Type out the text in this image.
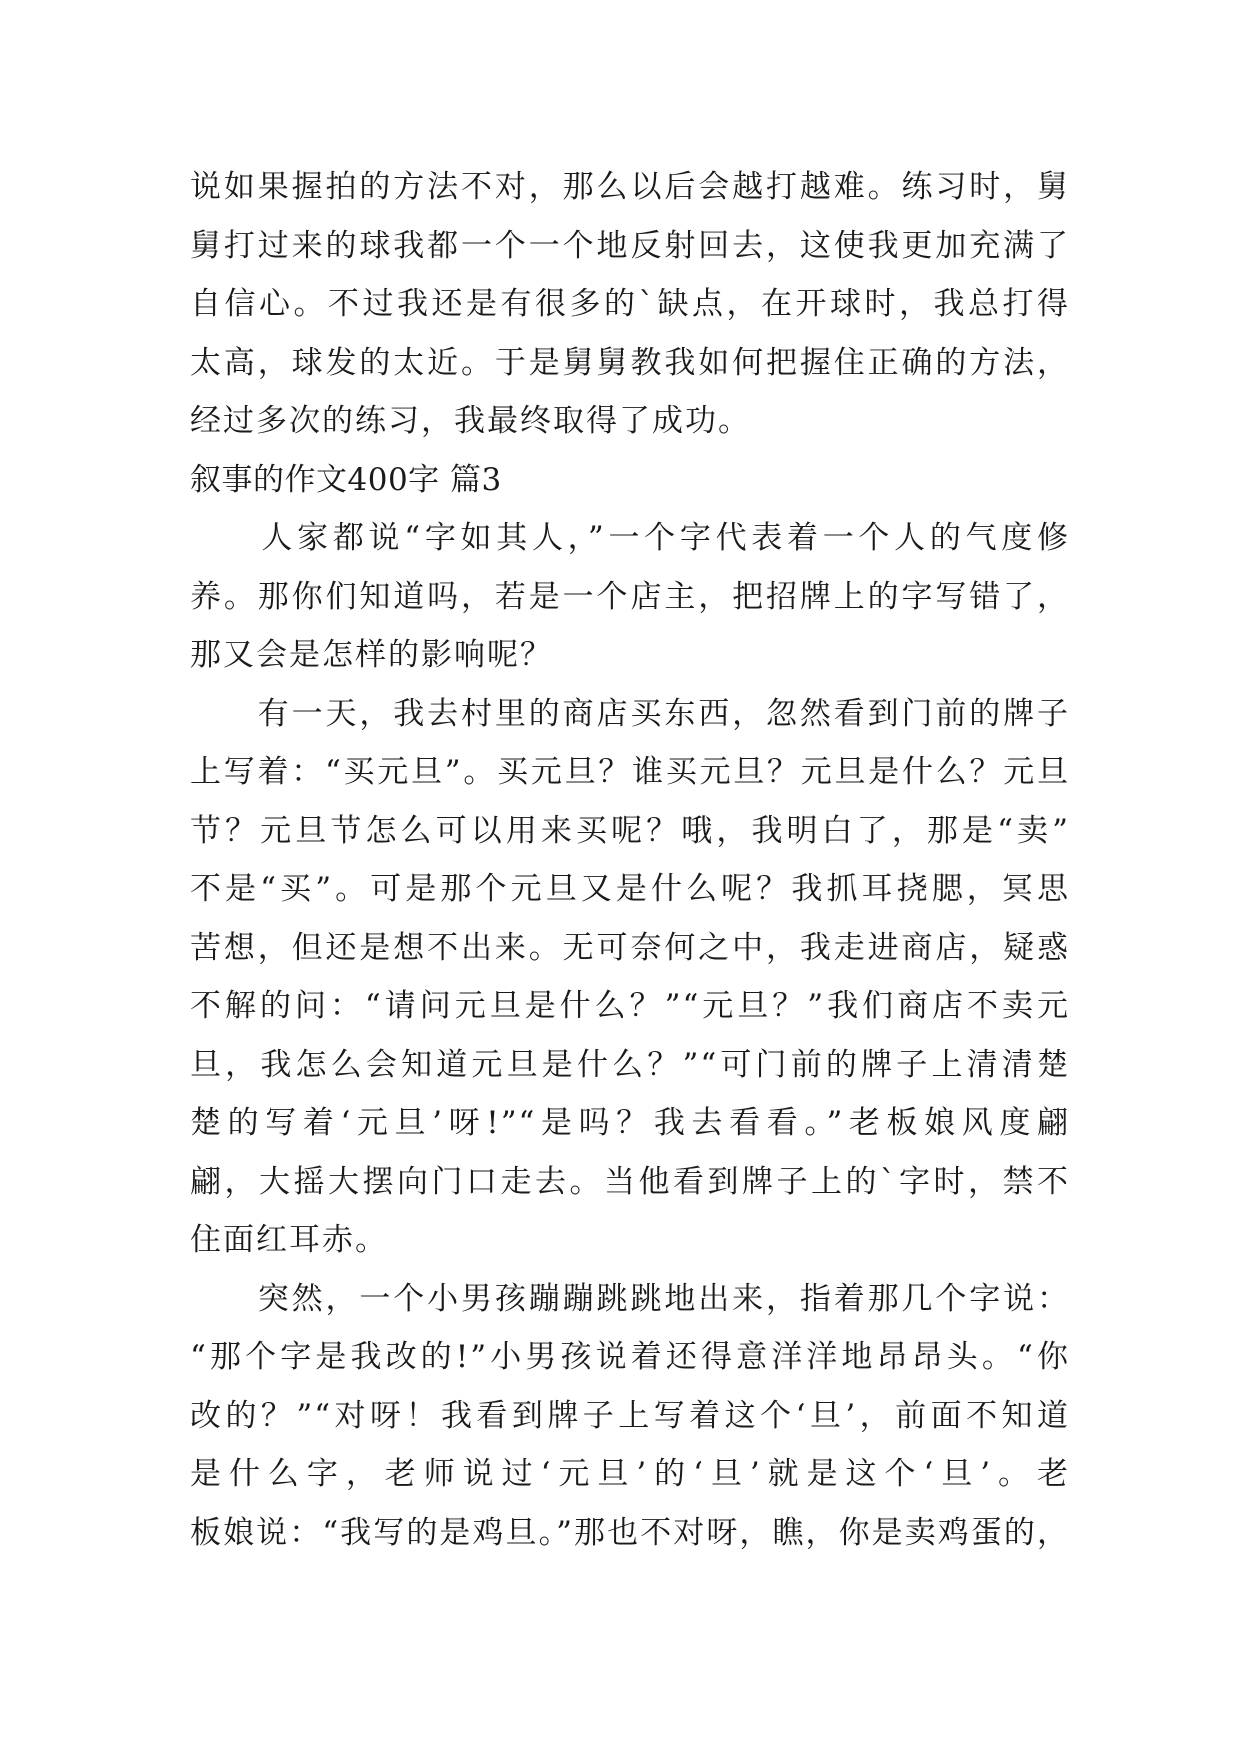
说如果握拍的方法不对，那么以后会越打越难。练习时，舅
舅打过来的球我都一个一个地反射回去，这使我更加充满了
自信心。不过我还是有很多的`缺点，在开球时，我总打得
太高，球发的太近。于是舅舅教我如何把握住正确的方法，
经过多次的练习，我最终取得了成功。
叙事的作文400字 篇3
　　人家都说“字如其人，”一个字代表着一个人的气度修
养。那你们知道吗，若是一个店主，把招牌上的字写错了，
那又会是怎样的影响呢？
　　有一天，我去村里的商店买东西，忽然看到门前的牌子
上写着：“买元旦”。买元旦？谁买元旦？元旦是什么？元旦
节？元旦节怎么可以用来买呢？哦，我明白了，那是“卖”
不是“买”。可是那个元旦又是什么呢？我抓耳挠腮，冥思
苦想，但还是想不出来。无可奈何之中，我走进商店，疑惑
不解的问：“请问元旦是什么？”“元旦？”我们商店不卖元
旦，我怎么会知道元旦是什么？”“可门前的牌子上清清楚
楚的写着‘元旦’呀!”“是吗？我去看看。”老板娘风度翩
翩，大摇大摆向门口走去。当他看到牌子上的`字时，禁不
住面红耳赤。
　　突然，一个小男孩蹦蹦跳跳地出来，指着那几个字说：
“那个字是我改的!”小男孩说着还得意洋洋地昂昂头。“你
改的？”“对呀！我看到牌子上写着这个‘旦’，前面不知道
是什么字，老师说过‘元旦’的‘旦’就是这个‘旦’。老
板娘说：“我写的是鸡旦。”那也不对呀，瞧，你是卖鸡蛋的，
